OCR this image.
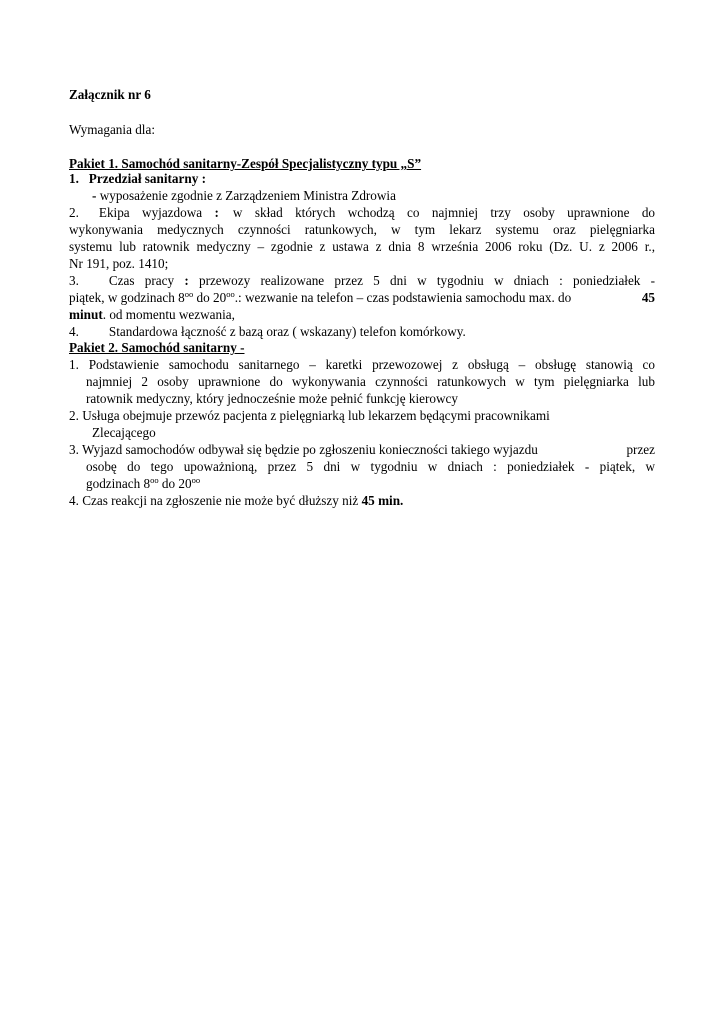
Załącznik nr 6
Wymagania dla:
Pakiet 1. Samochód sanitarny-Zespół Specjalistyczny typu „S”
1. Przedział sanitarny :
- wyposażenie zgodnie z Zarządzeniem Ministra Zdrowia
2. Ekipa wyjazdowa : w skład których wchodzą co najmniej trzy osoby uprawnione do
wykonywania medycznych czynności ratunkowych, w tym lekarz systemu oraz pielęgniarka
systemu lub ratownik medyczny – zgodnie z ustawa z dnia 8 września 2006 roku (Dz. U. z 2006 r.,
Nr 191, poz. 1410;
3. Czas pracy : przewozy realizowane przez 5 dni w tygodniu w dniach : poniedziałek -
piątek, w godzinach $8^{oo}$ do $20^{oo}$.: wezwanie na telefon – czas podstawienia samochodu max. do	45
minut. od momentu wezwania,
4. Standardowa łączność z bazą oraz ( wskazany) telefon komórkowy.
Pakiet 2. Samochód sanitarny -
1. Podstawienie samochodu sanitarnego – karetki przewozowej z obsługą – obsługę stanowią co
najmniej 2 osoby uprawnione do wykonywania czynności ratunkowych w tym pielęgniarka lub
ratownik medyczny, który jednocześnie może pełnić funkcję kierowcy
2. Usługa obejmuje przewóz pacjenta z pielęgniarką lub lekarzem będącymi pracownikami
Zlecającego
3. Wyjazd samochodów odbywał się będzie po zgłoszeniu konieczności takiego wyjazdu	przez
osobę do tego upoważnioną, przez 5 dni w tygodniu w dniach : poniedziałek - piątek, w
godzinach $8^{oo}$ do $20^{oo}$
4. Czas reakcji na zgłoszenie nie może być dłuższy niż 45 min.
